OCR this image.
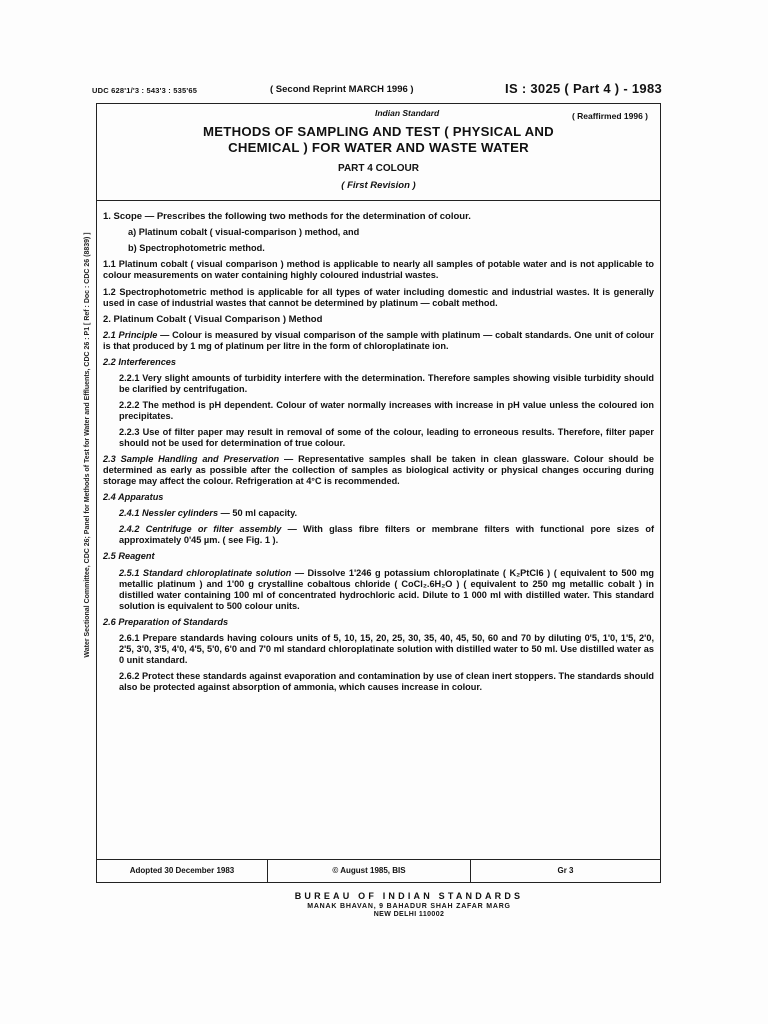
UDC 628'1/'3 : 543'3 : 535'65	( Second Reprint MARCH 1996 )	IS : 3025 ( Part 4 ) - 1983
Water Sectional Committee, CDC 26; Panel for Methods of Test for Water and Effluents, CDC 26 : P1 [ Ref : Doc : CDC 26 (8839) ]
Indian Standard	( Reaffirmed 1996 )
METHODS OF SAMPLING AND TEST ( PHYSICAL AND
CHEMICAL ) FOR WATER AND WASTE WATER
PART 4 COLOUR
( First Revision )

1. Scope — Prescribes the following two methods for the determination of colour.

a) Platinum cobalt ( visual-comparison ) method, and

b) Spectrophotometric method.

1.1 Platinum cobalt ( visual comparison ) method is applicable to nearly all samples of potable water and is not applicable to colour measurements on water containing highly coloured industrial wastes.

1.2 Spectrophotometric method is applicable for all types of water including domestic and industrial wastes. It is generally used in case of industrial wastes that cannot be determined by platinum — cobalt method.

2. Platinum Cobalt ( Visual Comparison ) Method

2.1 Principle — Colour is measured by visual comparison of the sample with platinum — cobalt standards. One unit of colour is that produced by 1 mg of platinum per litre in the form of chloroplatinate ion.

2.2 Interferences

2.2.1 Very slight amounts of turbidity interfere with the determination. Therefore samples showing visible turbidity should be clarified by centrifugation.

2.2.2 The method is pH dependent. Colour of water normally increases with increase in pH value unless the coloured ion precipitates.

2.2.3 Use of filter paper may result in removal of some of the colour, leading to erroneous results. Therefore, filter paper should not be used for determination of true colour.

2.3 Sample Handling and Preservation — Representative samples shall be taken in clean glassware. Colour should be determined as early as possible after the collection of samples as biological activity or physical changes occuring during storage may affect the colour. Refrigeration at 4°C is recommended.

2.4 Apparatus

2.4.1 Nessler cylinders — 50 ml capacity.

2.4.2 Centrifuge or filter assembly — With glass fibre filters or membrane filters with functional pore sizes of approximately 0'45 µm. ( see Fig. 1 ).

2.5 Reagent

2.5.1 Standard chloroplatinate solution — Dissolve 1'246 g potassium chloroplatinate ( K₂PtCl6 ) ( equivalent to 500 mg metallic platinum ) and 1'00 g crystalline cobaltous chloride ( CoCl₂.6H₂O ) ( equivalent to 250 mg metallic cobalt ) in distilled water containing 100 ml of concentrated hydrochloric acid. Dilute to 1 000 ml with distilled water. This standard solution is equivalent to 500 colour units.

2.6 Preparation of Standards

2.6.1 Prepare standards having colours units of 5, 10, 15, 20, 25, 30, 35, 40, 45, 50, 60 and 70 by diluting 0'5, 1'0, 1'5, 2'0, 2'5, 3'0, 3'5, 4'0, 4'5, 5'0, 6'0 and 7'0 ml standard chloroplatinate solution with distilled water to 50 ml. Use distilled water as 0 unit standard.

2.6.2 Protect these standards against evaporation and contamination by use of clean inert stoppers. The standards should also be protected against absorption of ammonia, which causes increase in colour.

Adopted 30 December 1983	© August 1985, BIS	Gr 3
BUREAU OF INDIAN STANDARDS
MANAK BHAVAN, 9 BAHADUR SHAH ZAFAR MARG
NEW DELHI 110002
